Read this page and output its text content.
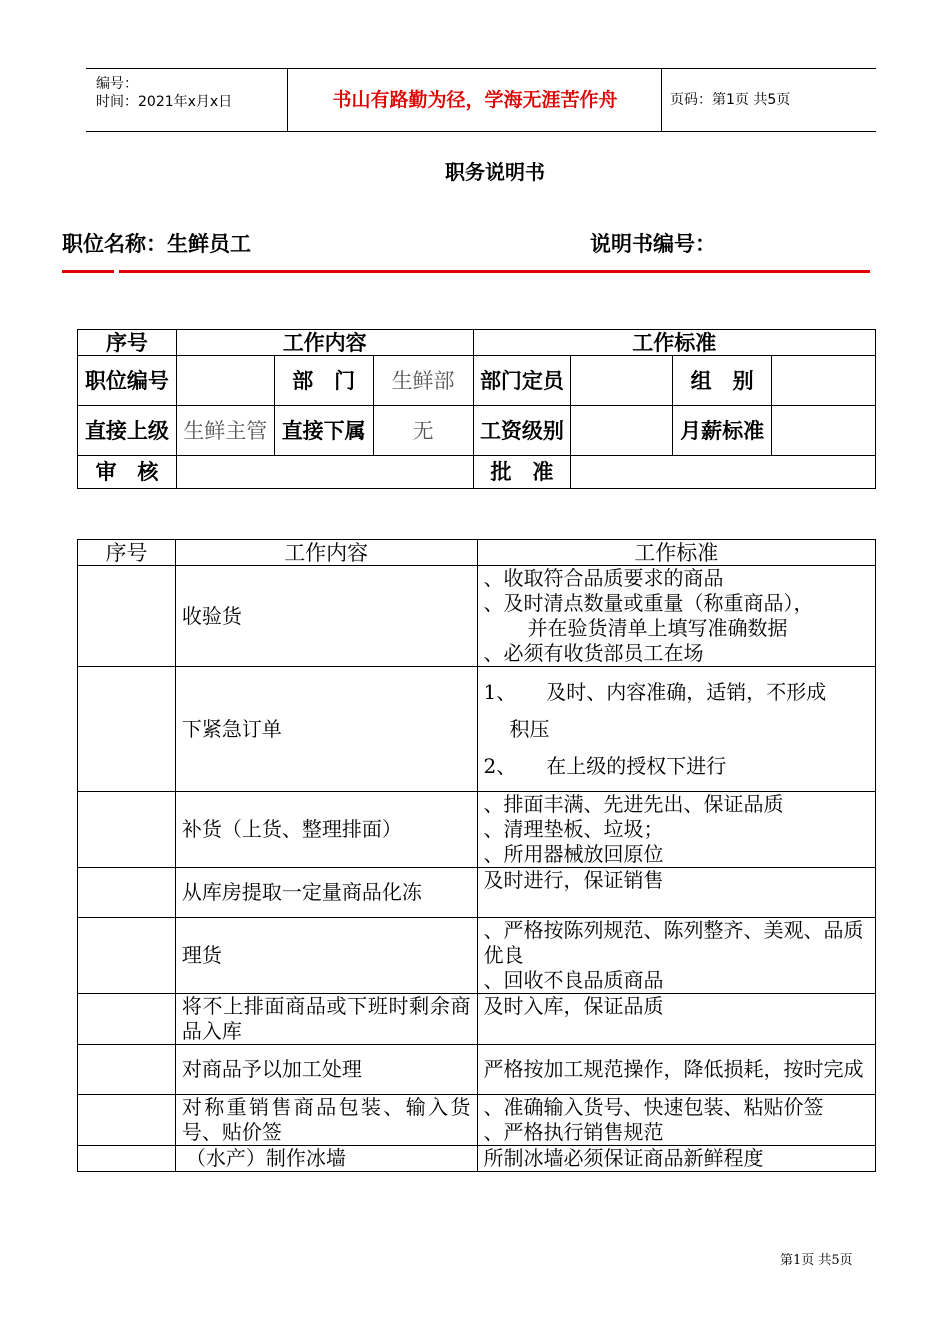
编号：
时间：2021年x月x日	书山有路勤为径，学海无涯苦作舟	页码：第1页 共5页
职务说明书
职位名称：生鲜员工	说明书编号：
序号	工作内容			工作标准			
职位编号		部　门	生鲜部	部门定员		组　别	
直接上级	生鲜主管	直接下属	无	工资级别		月薪标准	
审　核				批　准			
序号	工作内容	工作标准
	收验货	、收取符合品质要求的商品
、及时清点数量或重量（称重商品），
并在验货清单上填写准确数据
、必须有收货部员工在场

	下紧急订单	1、　　及时、内容准确，适销，不形成
积压
2、　　在上级的授权下进行

	补货（上货、整理排面）	、排面丰满、先进先出、保证品质
、清理垫板、垃圾；
、所用器械放回原位

	从库房提取一定量商品化冻	及时进行，保证销售

	理货	、严格按陈列规范、陈列整齐、美观、品质优良
、回收不良品质商品

	将不上排面商品或下班时剩余商品入库	及时入库，保证品质

	对商品予以加工处理	严格按加工规范操作，降低损耗，按时完成

	对称重销售商品包装、输入货号、贴价签	、准确输入货号、快速包装、粘贴价签
、严格执行销售规范

	（水产）制作冰墙	所制冰墙必须保证商品新鲜程度
第1页 共5页
